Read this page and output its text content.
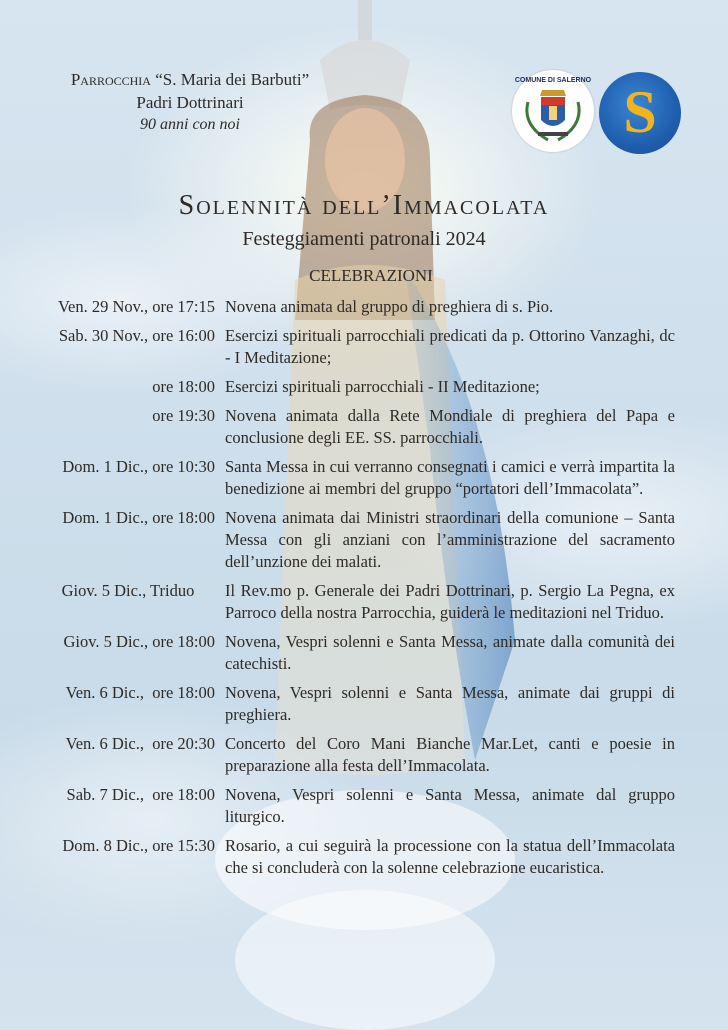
Parrocchia “S. Maria dei Barbuti”
Padri Dottrinari
90 anni con noi
COMUNE DI SALERNO S
Solennità dell’Immacolata
Festeggiamenti patronali 2024
CELEBRAZIONI
Ven. 29 Nov., ore 17:15 Novena animata dal gruppo di preghiera di s. Pio.
Sab. 30 Nov., ore 16:00 Esercizi spirituali parrocchiali predicati da p. Ottorino Vanzaghi, dc - I Meditazione;
ore 18:00 Esercizi spirituali parrocchiali - II Meditazione;
ore 19:30 Novena animata dalla Rete Mondiale di preghiera del Papa e conclusione degli EE. SS. parrocchiali.
Dom. 1 Dic., ore 10:30 Santa Messa in cui verranno consegnati i camici e verrà impartita la benedizione ai membri del gruppo “portatori dell’Immacolata”.
Dom. 1 Dic., ore 18:00 Novena animata dai Ministri straordinari della comunione – Santa Messa con gli anziani con l’amministrazione del sacramento dell’unzione dei malati.
Giov. 5 Dic., Triduo Il Rev.mo p. Generale dei Padri Dottrinari, p. Sergio La Pegna, ex Parroco della nostra Parrocchia, guiderà le meditazioni nel Triduo.
Giov. 5 Dic., ore 18:00 Novena, Vespri solenni e Santa Messa, animate dalla comunità dei catechisti.
Ven. 6 Dic.,  ore 18:00 Novena, Vespri solenni e Santa Messa, animate dai gruppi di preghiera.
Ven. 6 Dic.,  ore 20:30 Concerto del Coro Mani Bianche Mar.Let, canti e poesie in preparazione alla festa dell’Immacolata.
Sab. 7 Dic.,  ore 18:00 Novena, Vespri solenni e Santa Messa, animate dal gruppo liturgico.
Dom. 8 Dic., ore 15:30 Rosario, a cui seguirà la processione con la statua dell’Immacolata che si concluderà con la solenne celebrazione eucaristica.
